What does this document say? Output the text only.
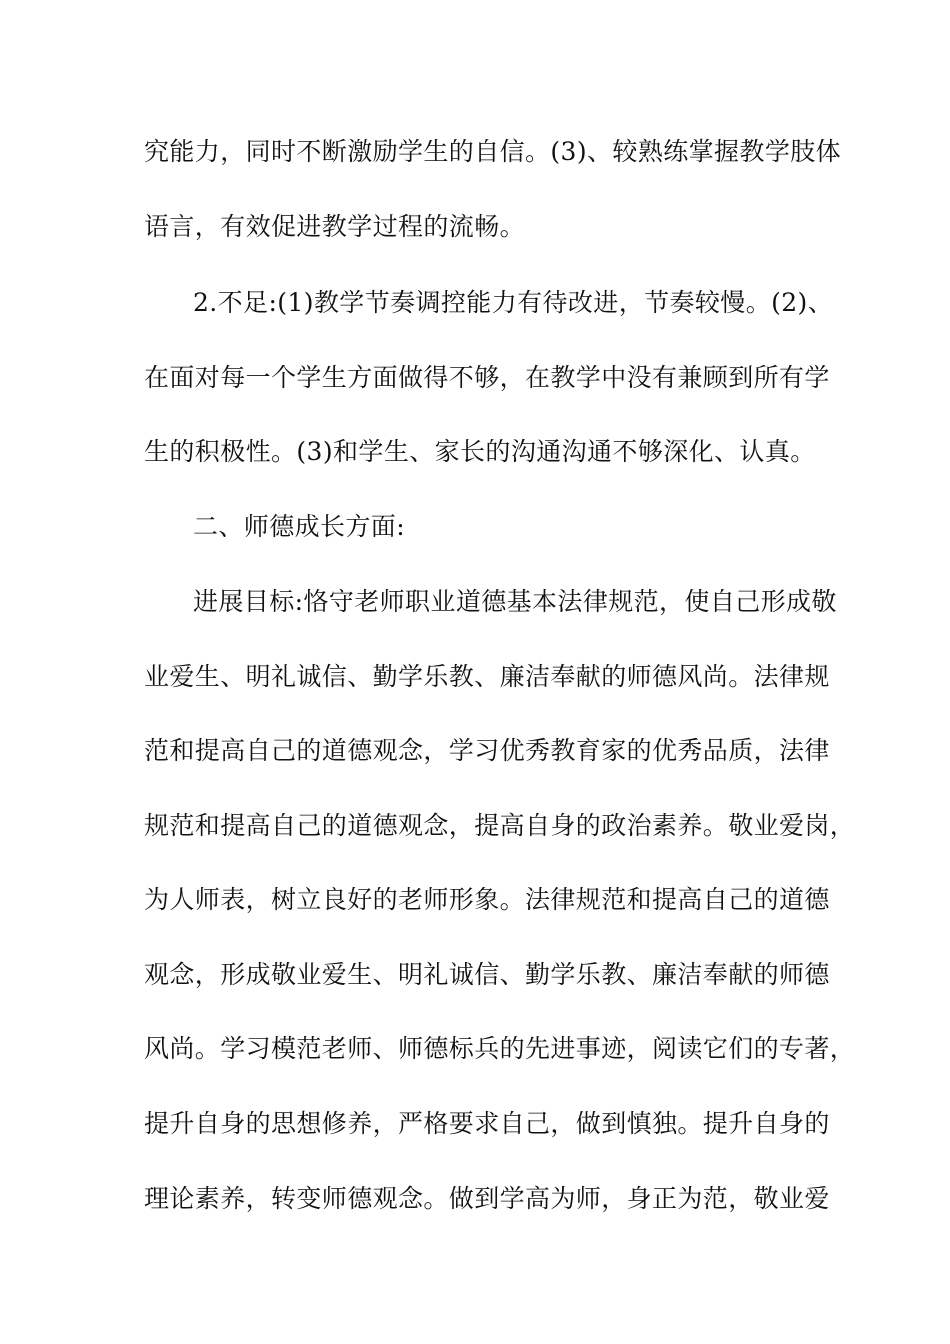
究能力，同时不断激励学生的自信。(3)、较熟练掌握教学肢体
语言，有效促进教学过程的流畅。
2.不足:(1)教学节奏调控能力有待改进，节奏较慢。(2)、
在面对每一个学生方面做得不够，在教学中没有兼顾到所有学
生的积极性。(3)和学生、家长的沟通沟通不够深化、认真。
二、师德成长方面:
进展目标:恪守老师职业道德基本法律规范，使自己形成敬
业爱生、明礼诚信、勤学乐教、廉洁奉献的师德风尚。法律规
范和提高自己的道德观念，学习优秀教育家的优秀品质，法律
规范和提高自己的道德观念，提高自身的政治素养。敬业爱岗，
为人师表，树立良好的老师形象。法律规范和提高自己的道德
观念，形成敬业爱生、明礼诚信、勤学乐教、廉洁奉献的师德
风尚。学习模范老师、师德标兵的先进事迹，阅读它们的专著，
提升自身的思想修养，严格要求自己，做到慎独。提升自身的
理论素养，转变师德观念。做到学高为师，身正为范，敬业爱
